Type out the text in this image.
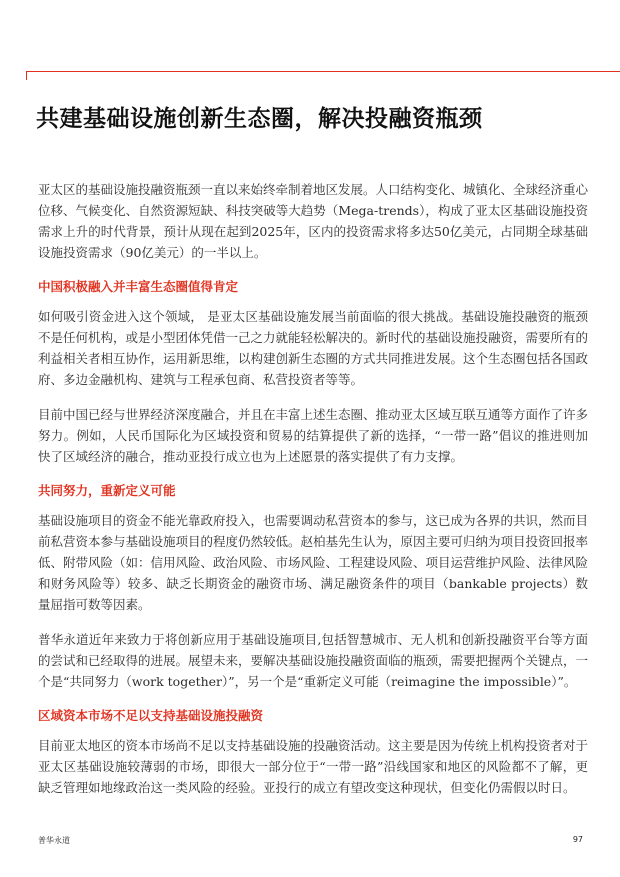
共建基础设施创新生态圈，解决投融资瓶颈

亚太区的基础设施投融资瓶颈一直以来始终牵制着地区发展。人口结构变化、城镇化、全球经济重心位移、气候变化、自然资源短缺、科技突破等大趋势（Mega-trends），构成了亚太区基础设施投资需求上升的时代背景，预计从现在起到2025年，区内的投资需求将多达50亿美元，占同期全球基础设施投资需求（90亿美元）的一半以上。

中国积极融入并丰富生态圈值得肯定

如何吸引资金进入这个领域， 是亚太区基础设施发展当前面临的很大挑战。基础设施投融资的瓶颈不是任何机构，或是小型团体凭借一己之力就能轻松解决的。新时代的基础设施投融资，需要所有的利益相关者相互协作，运用新思维，以构建创新生态圈的方式共同推进发展。这个生态圈包括各国政府、多边金融机构、建筑与工程承包商、私营投资者等等。

目前中国已经与世界经济深度融合，并且在丰富上述生态圈、推动亚太区域互联互通等方面作了许多努力。例如，人民币国际化为区域投资和贸易的结算提供了新的选择，“一带一路”倡议的推进则加快了区域经济的融合，推动亚投行成立也为上述愿景的落实提供了有力支撑。

共同努力，重新定义可能

基础设施项目的资金不能光靠政府投入，也需要调动私营资本的参与，这已成为各界的共识，然而目前私营资本参与基础设施项目的程度仍然较低。赵柏基先生认为，原因主要可归纳为项目投资回报率低、附带风险（如：信用风险、政治风险、市场风险、工程建设风险、项目运营维护风险、法律风险和财务风险等）较多、缺乏长期资金的融资市场、满足融资条件的项目（bankable projects）数量屈指可数等因素。

普华永道近年来致力于将创新应用于基础设施项目,包括智慧城市、无人机和创新投融资平台等方面的尝试和已经取得的进展。展望未来，要解决基础设施投融资面临的瓶颈，需要把握两个关键点，一个是“共同努力（work together）”，另一个是“重新定义可能（reimagine the impossible）”。

区域资本市场不足以支持基础设施投融资

目前亚太地区的资本市场尚不足以支持基础设施的投融资活动。这主要是因为传统上机构投资者对于亚太区基础设施较薄弱的市场，即很大一部分位于“一带一路”沿线国家和地区的风险都不了解，更缺乏管理如地缘政治这一类风险的经验。亚投行的成立有望改变这种现状，但变化仍需假以时日。

普华永道	97
